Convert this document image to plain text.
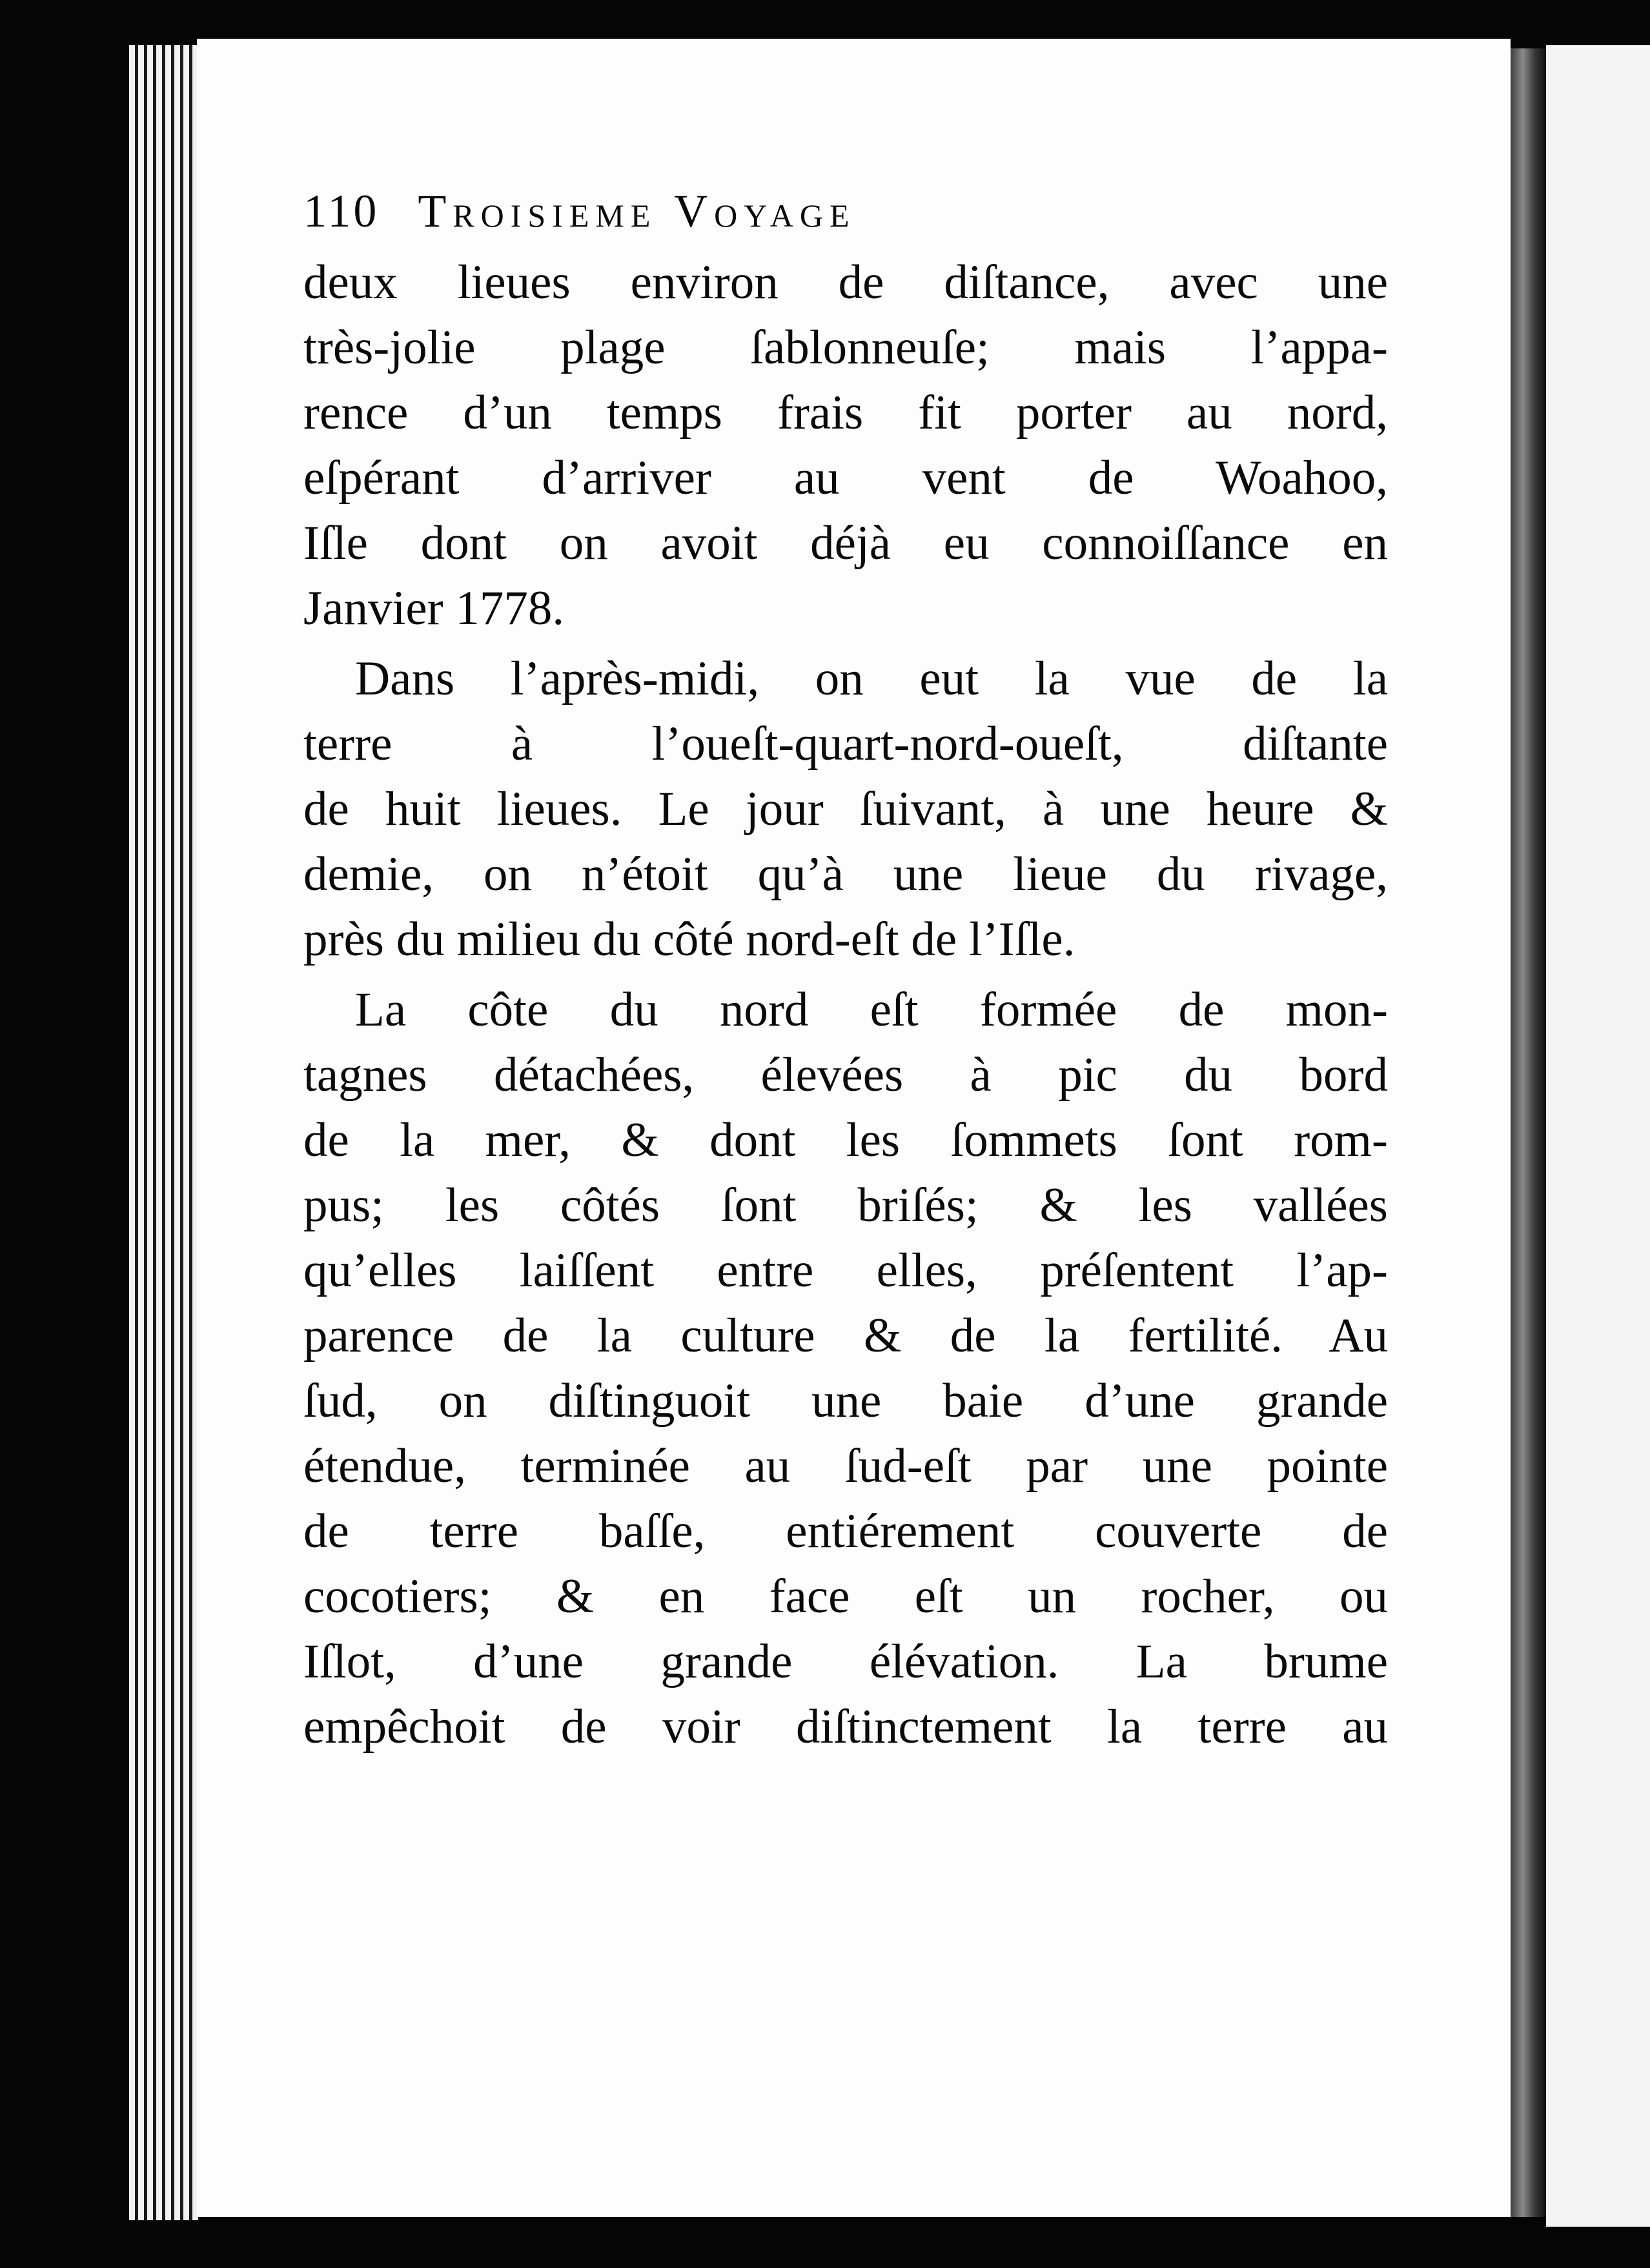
110 Troisieme Voyage
deux lieues environ de diſtance, avec une
très-jolie plage ſablonneuſe; mais l’appa-
rence d’un temps frais fit porter au nord,
eſpérant d’arriver au vent de Woahoo,
Iſle dont on avoit déjà eu connoiſſance en
Janvier 1778.
Dans l’après-midi, on eut la vue de la
terre à l’oueſt-quart-nord-oueſt, diſtante
de huit lieues. Le jour ſuivant, à une heure &
demie, on n’étoit qu’à une lieue du rivage,
près du milieu du côté nord-eſt de l’Iſle.
La côte du nord eſt formée de mon-
tagnes détachées, élevées à pic du bord
de la mer, & dont les ſommets ſont rom-
pus; les côtés ſont briſés; & les vallées
qu’elles laiſſent entre elles, préſentent l’ap-
parence de la culture & de la fertilité. Au
ſud, on diſtinguoit une baie d’une grande
étendue, terminée au ſud-eſt par une pointe
de terre baſſe, entiérement couverte de
cocotiers; & en face eſt un rocher, ou
Iſlot, d’une grande élévation. La brume
empêchoit de voir diſtinctement la terre au
